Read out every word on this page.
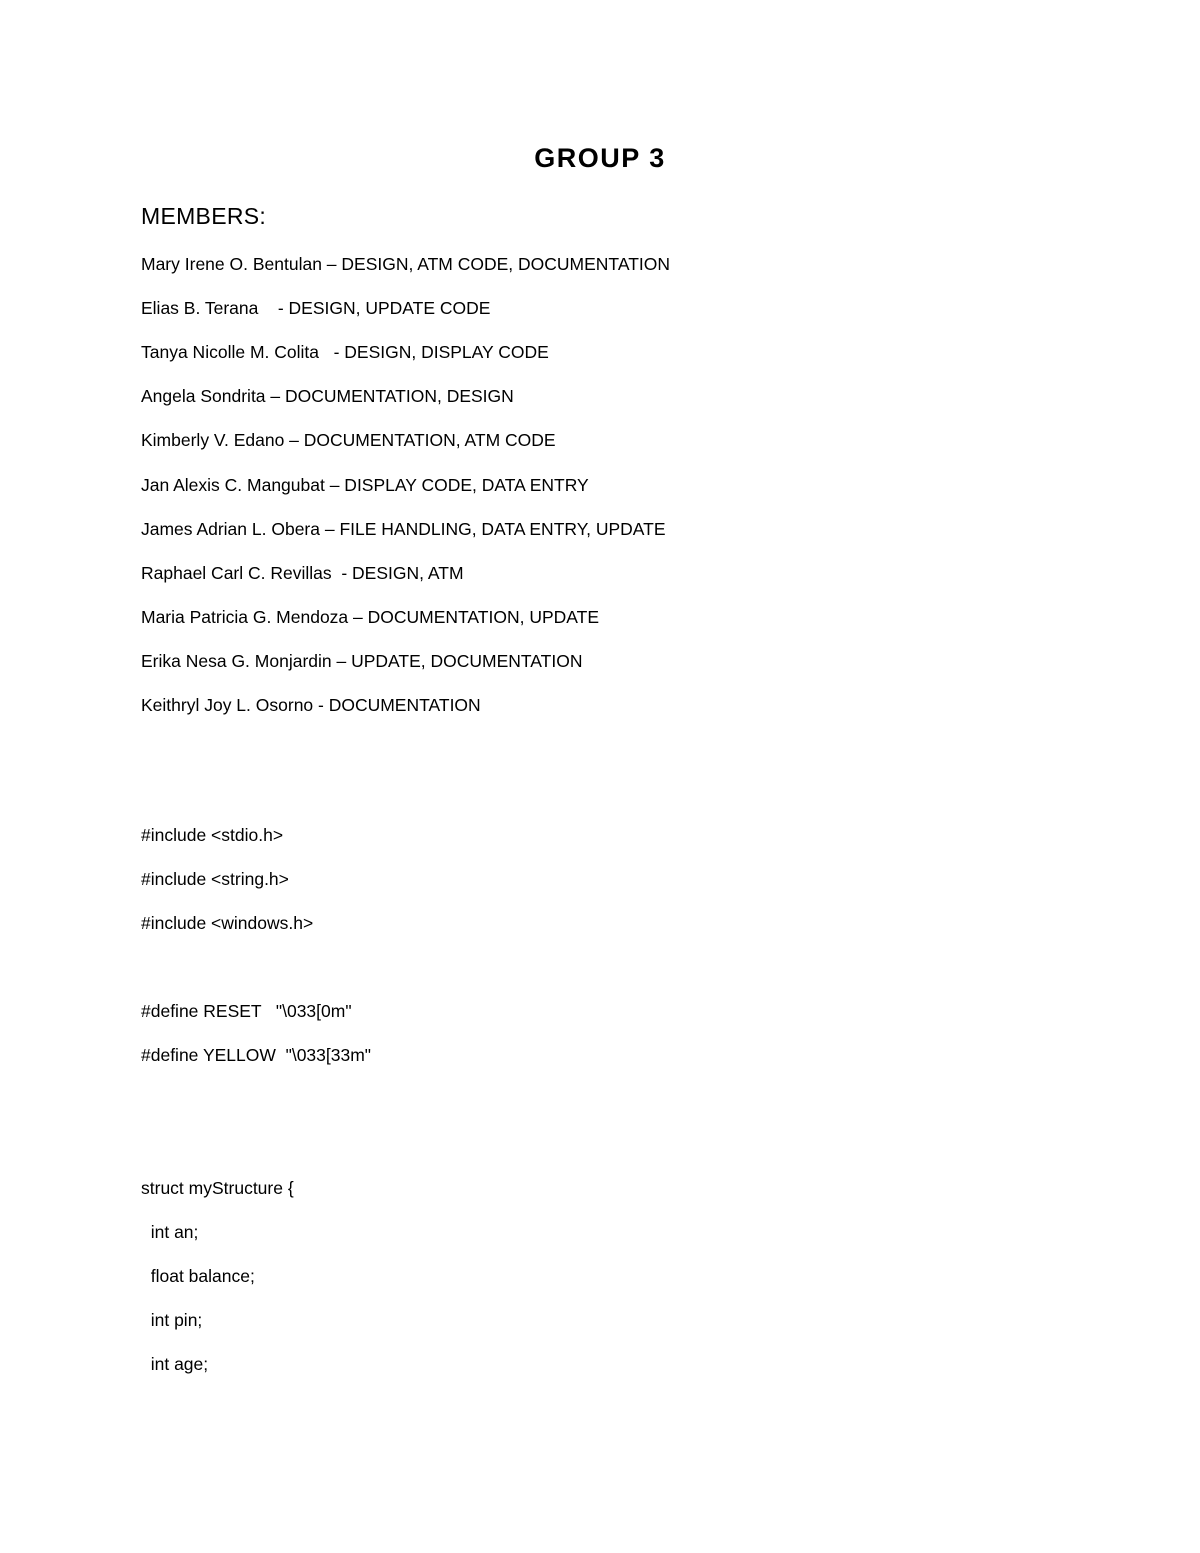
GROUP 3
MEMBERS:
Mary Irene O. Bentulan – DESIGN, ATM CODE, DOCUMENTATION
Elias B. Terana    - DESIGN, UPDATE CODE
Tanya Nicolle M. Colita   - DESIGN, DISPLAY CODE
Angela Sondrita – DOCUMENTATION, DESIGN
Kimberly V. Edano – DOCUMENTATION, ATM CODE
Jan Alexis C. Mangubat – DISPLAY CODE, DATA ENTRY
James Adrian L. Obera – FILE HANDLING, DATA ENTRY, UPDATE
Raphael Carl C. Revillas  - DESIGN, ATM
Maria Patricia G. Mendoza – DOCUMENTATION, UPDATE
Erika Nesa G. Monjardin – UPDATE, DOCUMENTATION
Keithryl Joy L. Osorno - DOCUMENTATION
#include <stdio.h>
#include <string.h>
#include <windows.h>
#define RESET   "\033[0m"
#define YELLOW  "\033[33m"
struct myStructure {
int an;
float balance;
int pin;
int age;
